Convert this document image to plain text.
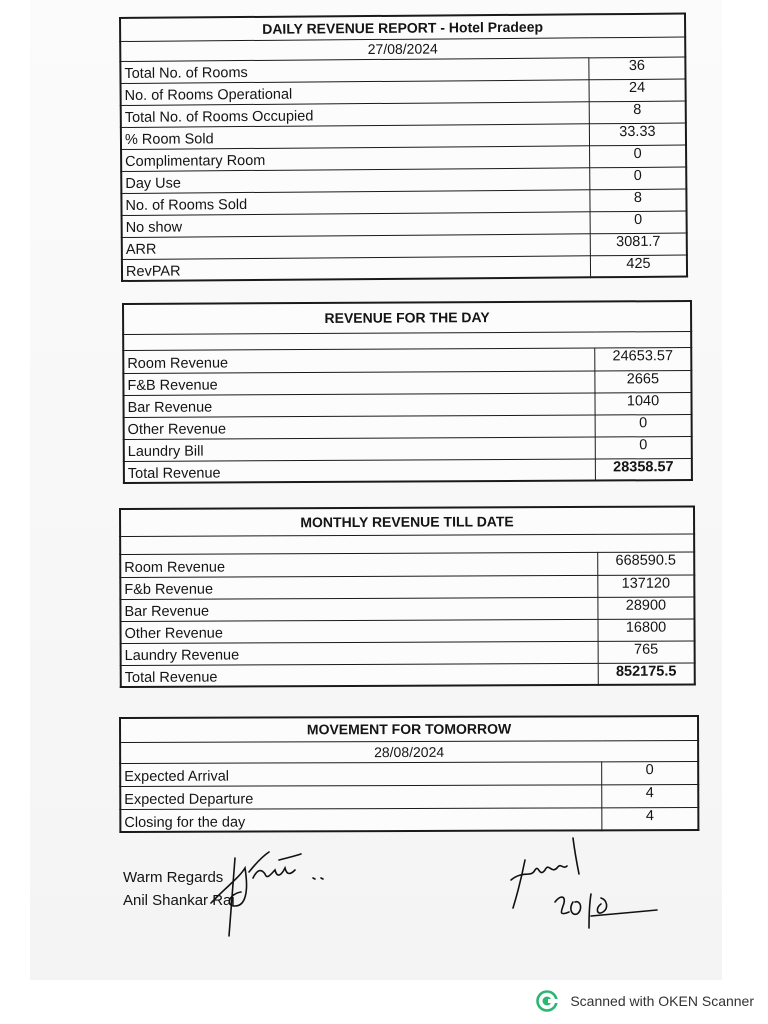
DAILY REVENUE REPORT - Hotel Pradeep	
27/08/2024	
Total No. of Rooms	36
No. of Rooms Operational	24
Total No. of Rooms Occupied	8
% Room Sold	33.33
Complimentary Room	0
Day Use	0
No. of Rooms Sold	8
No show	0
ARR	3081.7
RevPAR	425
REVENUE FOR THE DAY	

Room Revenue	24653.57
F&B Revenue	2665
Bar Revenue	1040
Other Revenue	0
Laundry Bill	0
Total Revenue	28358.57
MONTHLY REVENUE TILL DATE	

Room Revenue	668590.5
F&b Revenue	137120
Bar Revenue	28900
Other Revenue	16800
Laundry Revenue	765
Total Revenue	852175.5
MOVEMENT FOR TOMORROW	
28/08/2024	
Expected Arrival	0
Expected Departure	4
Closing for the day	4
Warm Regards
Anil Shankar Rai
Scanned with OKEN Scanner
